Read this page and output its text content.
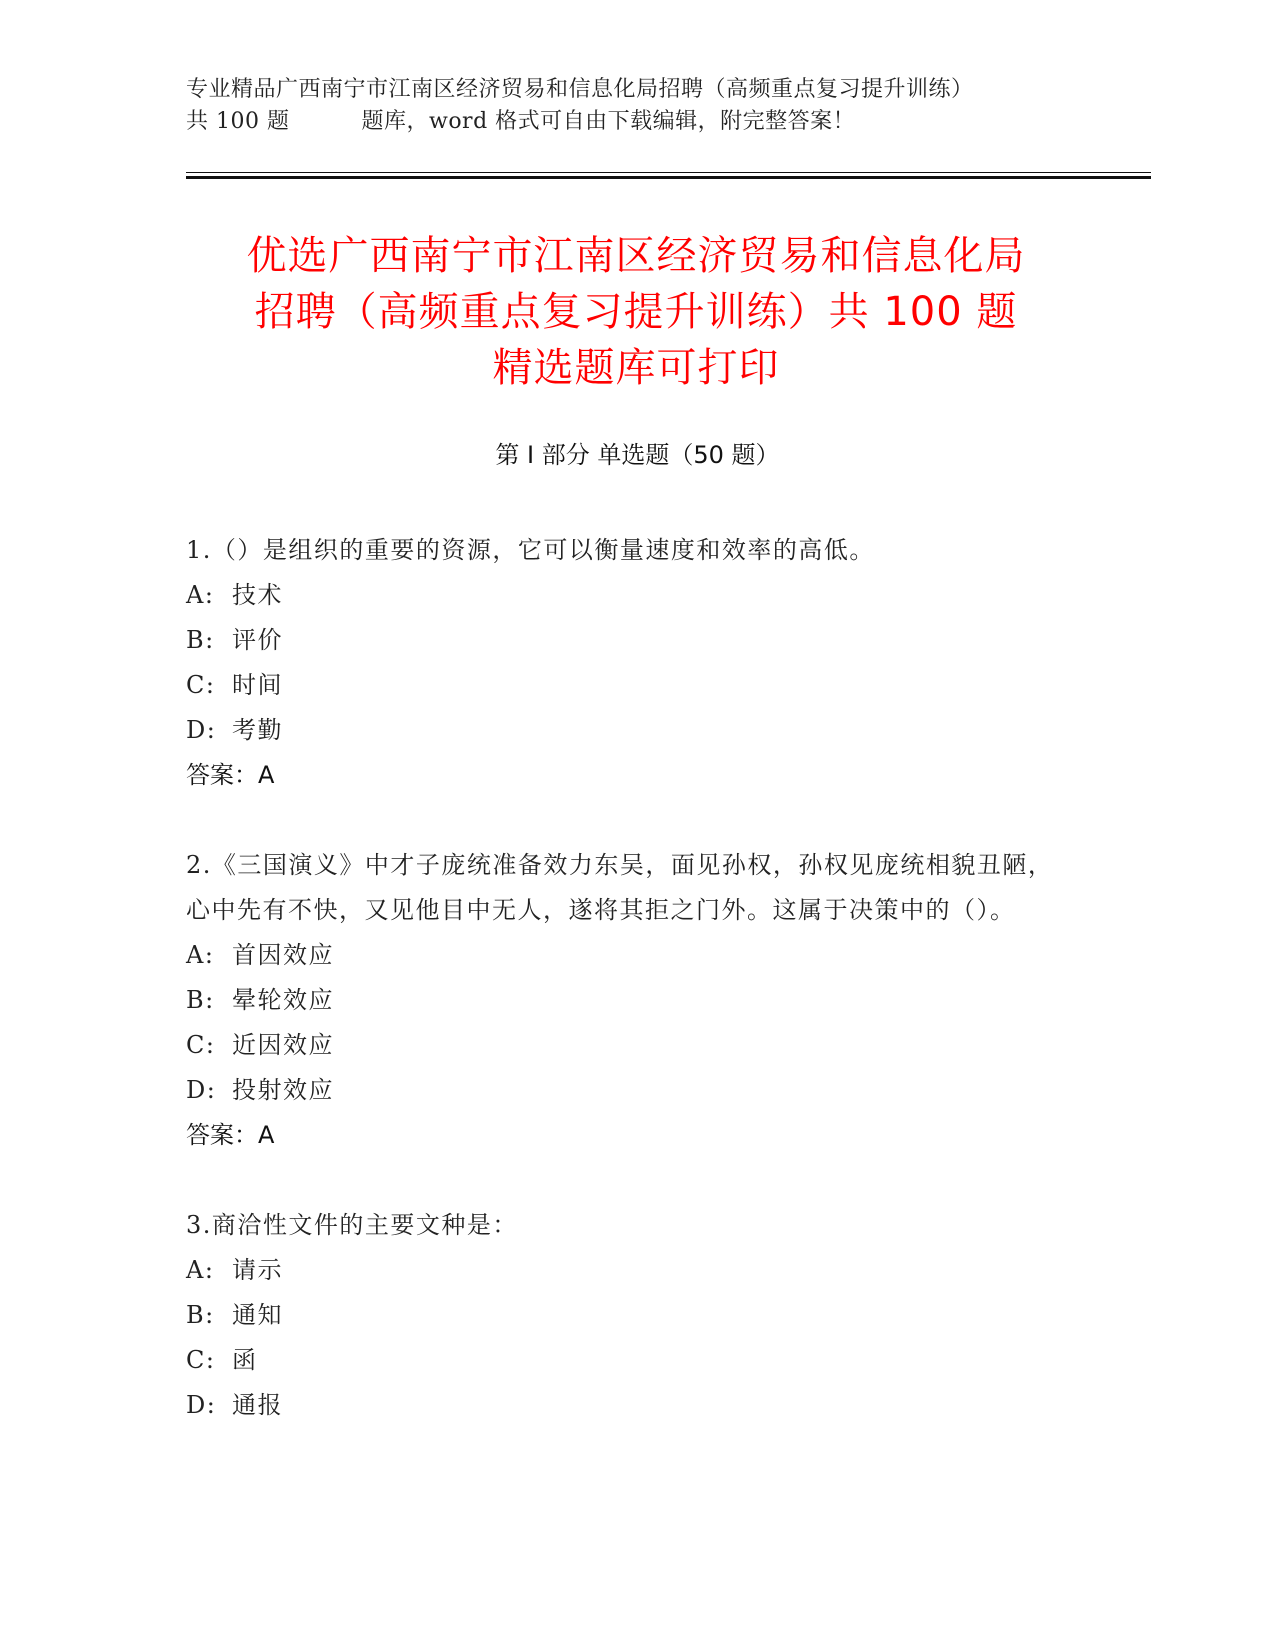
专业精品广西南宁市江南区经济贸易和信息化局招聘（高频重点复习提升训练）
共 100 题	题库，word 格式可自由下载编辑，附完整答案！
优选广西南宁市江南区经济贸易和信息化局
招聘（高频重点复习提升训练）共 100 题
精选题库可打印
第 I 部分 单选题（50 题）
1.（）是组织的重要的资源，它可以衡量速度和效率的高低。
A: 技术
B: 评价
C: 时间
D: 考勤
答案：A
2.《三国演义》中才子庞统准备效力东吴，面见孙权，孙权见庞统相貌丑陋，心中先有不快，又见他目中无人，遂将其拒之门外。这属于决策中的（）。
A: 首因效应
B: 晕轮效应
C: 近因效应
D: 投射效应
答案：A
3.商洽性文件的主要文种是：
A: 请示
B: 通知
C: 函
D: 通报
